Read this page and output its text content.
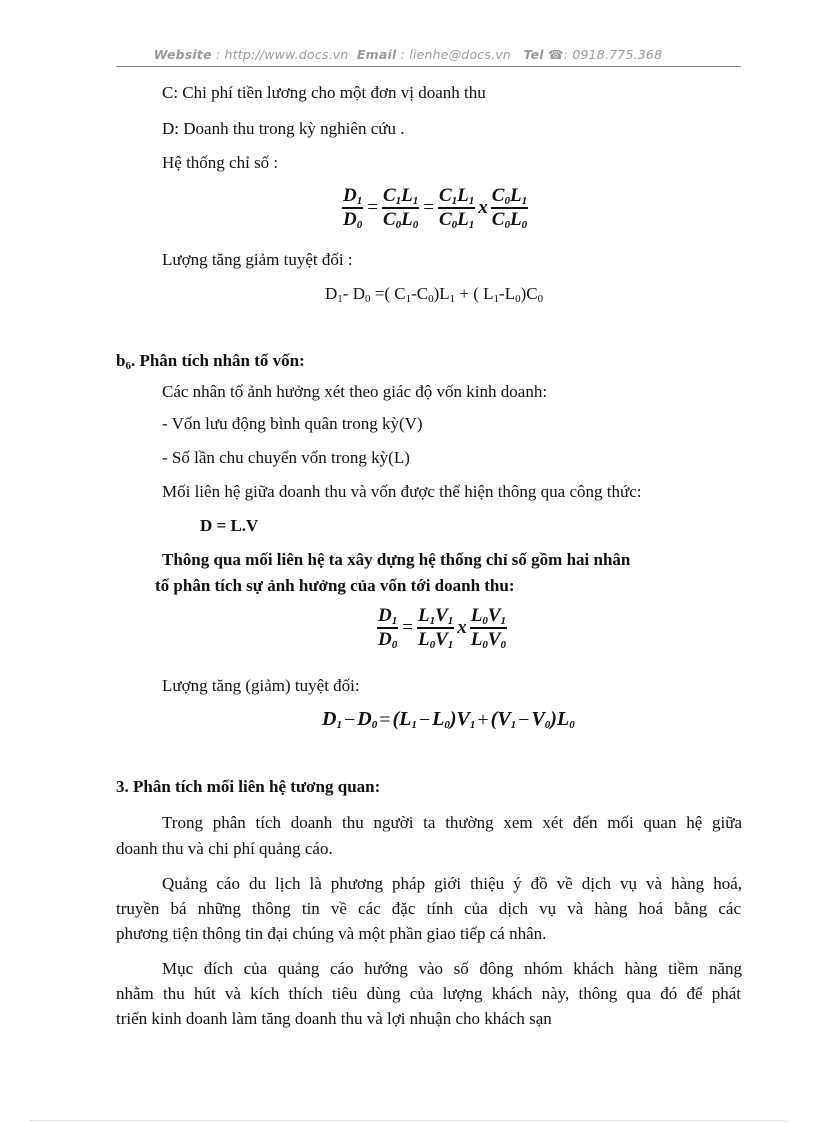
Website : http://www.docs.vn Email : lienhe@docs.vn Tel ☎: 0918.775.368
C: Chi phí tiền lương cho một đơn vị doanh thu
D: Doanh thu trong kỳ nghiên cứu .
Hệ thống chỉ số :
$\frac{D_1}{D_0} = \frac{C_1L_1}{C_0L_0} = \frac{C_1L_1}{C_0L_1}$ x $\frac{C_0L_1}{C_0L_0}$
Lượng tăng giảm tuyệt đối :
$D_1-$ $D_0$ =( $C_1-C_0)L_1$ + ( $L_1-L_0)C_0$
$b_6$. Phân tích nhân tố vốn:
Các nhân tố ảnh hưởng xét theo giác độ vốn kinh doanh:
- Vốn lưu động bình quân trong kỳ(V)
- Số lần chu chuyển vốn trong kỳ(L)
Mối liên hệ giữa doanh thu và vốn được thể hiện thông qua công thức:
D = L.V
Thông qua mối liên hệ ta xây dựng hệ thống chỉ số gồm hai nhân
tố phân tích sự ảnh hưởng của vốn tới doanh thu:
$\frac{D_1}{D_0} = \frac{L_1V_1}{L_0V_1}$ x $\frac{L_0V_1}{L_0V_0}$
Lượng tăng (giảm) tuyệt đối:
$D_1 - D_0 = (L_1 - L_0)V_1 + (V_1 - V_0)L_0$
3. Phân tích mối liên hệ tương quan:
Trong phân tích doanh thu người ta thường xem xét đến mối quan hệ giữa
doanh thu và chi phí quảng cáo.
Quảng cáo du lịch là phương pháp giới thiệu ý đồ về dịch vụ và hàng hoá,
truyền bá những thông tin về các đặc tính của dịch vụ và hàng hoá bằng các
phương tiện thông tin đại chúng và một phần giao tiếp cá nhân.
Mục đích của quảng cáo hướng vào số đông nhóm khách hàng tiềm năng
nhằm thu hút và kích thích tiêu dùng của lượng khách này, thông qua đó để phát
triển kinh doanh làm tăng doanh thu và lợi nhuận cho khách sạn
